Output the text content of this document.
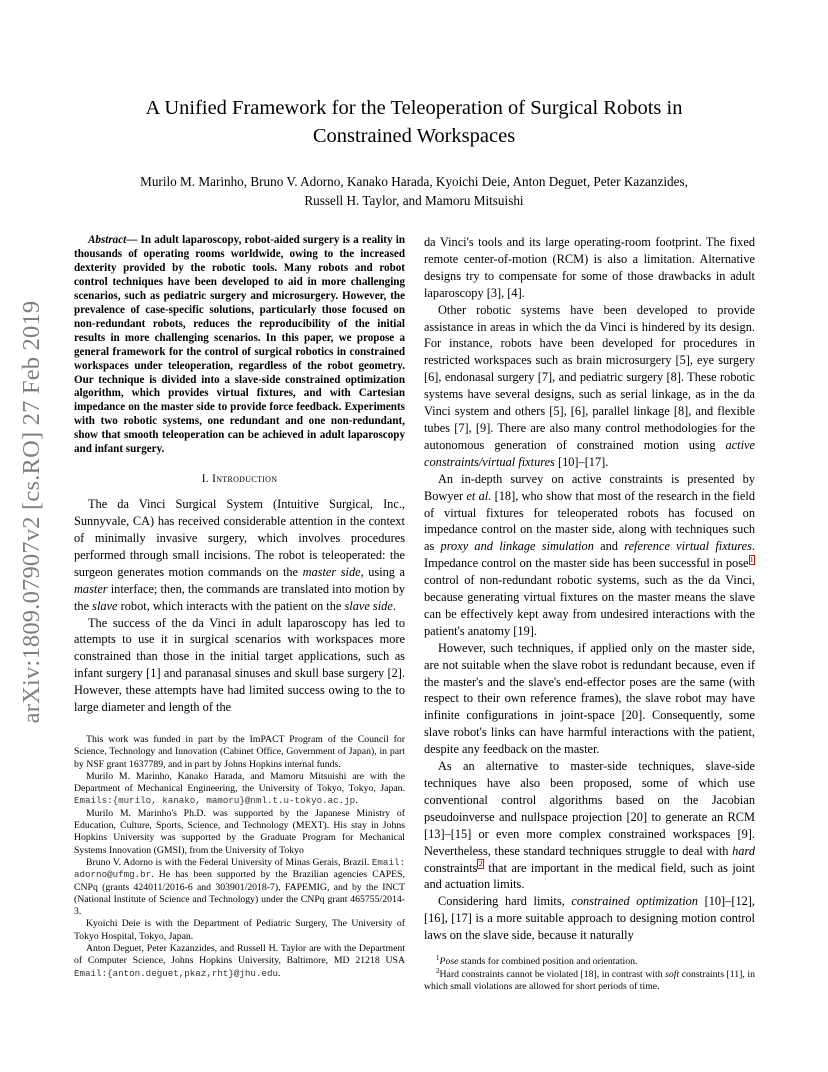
A Unified Framework for the Teleoperation of Surgical Robots in
Constrained Workspaces
Murilo M. Marinho, Bruno V. Adorno, Kanako Harada, Kyoichi Deie, Anton Deguet, Peter Kazanzides,
Russell H. Taylor, and Mamoru Mitsuishi
arXiv:1809.07907v2 [cs.RO] 27 Feb 2019

Abstract— In adult laparoscopy, robot-aided surgery is a reality in thousands of operating rooms worldwide, owing to the increased dexterity provided by the robotic tools. Many robots and robot control techniques have been developed to aid in more challenging scenarios, such as pediatric surgery and microsurgery. However, the prevalence of case-specific solutions, particularly those focused on non-redundant robots, reduces the reproducibility of the initial results in more challenging scenarios. In this paper, we propose a general framework for the control of surgical robotics in constrained workspaces under teleoperation, regardless of the robot geometry. Our technique is divided into a slave-side constrained optimization algorithm, which provides virtual fixtures, and with Cartesian impedance on the master side to provide force feedback. Experiments with two robotic systems, one redundant and one non-redundant, show that smooth teleoperation can be achieved in adult laparoscopy and infant surgery.

I. Introduction

The da Vinci Surgical System (Intuitive Surgical, Inc., Sunnyvale, CA) has received considerable attention in the context of minimally invasive surgery, which involves procedures performed through small incisions. The robot is teleoperated: the surgeon generates motion commands on the master side, using a master interface; then, the commands are translated into motion by the slave robot, which interacts with the patient on the slave side.

The success of the da Vinci in adult laparoscopy has led to attempts to use it in surgical scenarios with workspaces more constrained than those in the initial target applications, such as infant surgery [1] and paranasal sinuses and skull base surgery [2]. However, these attempts have had limited success owing to the to large diameter and length of the

This work was funded in part by the ImPACT Program of the Council for Science, Technology and Innovation (Cabinet Office, Government of Japan), in part by NSF grant 1637789, and in part by Johns Hopkins internal funds.

Murilo M. Marinho, Kanako Harada, and Mamoru Mitsuishi are with the Department of Mechanical Engineering, the University of Tokyo, Tokyo, Japan. Emails:{murilo, kanako, mamoru}@nml.t.u-tokyo.ac.jp.

Murilo M. Marinho's Ph.D. was supported by the Japanese Ministry of Education, Culture, Sports, Science, and Technology (MEXT). His stay in Johns Hopkins University was supported by the Graduate Program for Mechanical Systems Innovation (GMSI), from the University of Tokyo

Bruno V. Adorno is with the Federal University of Minas Gerais, Brazil. Email: adorno@ufmg.br. He has been supported by the Brazilian agencies CAPES, CNPq (grants 424011/2016-6 and 303901/2018-7), FAPEMIG, and by the INCT (National Institute of Science and Technology) under the CNPq grant 465755/2014-3.

Kyoichi Deie is with the Department of Pediatric Surgery, The University of Tokyo Hospital, Tokyo, Japan.

Anton Deguet, Peter Kazanzides, and Russell H. Taylor are with the Department of Computer Science, Johns Hopkins University, Baltimore, MD 21218 USA Email:{anton.deguet,pkaz,rht}@jhu.edu.

da Vinci's tools and its large operating-room footprint. The fixed remote center-of-motion (RCM) is also a limitation. Alternative designs try to compensate for some of those drawbacks in adult laparoscopy [3], [4].

Other robotic systems have been developed to provide assistance in areas in which the da Vinci is hindered by its design. For instance, robots have been developed for procedures in restricted workspaces such as brain microsurgery [5], eye surgery [6], endonasal surgery [7], and pediatric surgery [8]. These robotic systems have several designs, such as serial linkage, as in the da Vinci system and others [5], [6], parallel linkage [8], and flexible tubes [7], [9]. There are also many control methodologies for the autonomous generation of constrained motion using active constraints/virtual fixtures [10]–[17].

An in-depth survey on active constraints is presented by Bowyer et al. [18], who show that most of the research in the field of virtual fixtures for teleoperated robots has focused on impedance control on the master side, along with techniques such as proxy and linkage simulation and reference virtual fixtures. Impedance control on the master side has been successful in pose $^1$ control of non-redundant robotic systems, such as the da Vinci, because generating virtual fixtures on the master means the slave can be effectively kept away from undesired interactions with the patient's anatomy [19].

However, such techniques, if applied only on the master side, are not suitable when the slave robot is redundant because, even if the master's and the slave's end-effector poses are the same (with respect to their own reference frames), the slave robot may have infinite configurations in joint-space [20]. Consequently, some slave robot's links can have harmful interactions with the patient, despite any feedback on the master.

As an alternative to master-side techniques, slave-side techniques have also been proposed, some of which use conventional control algorithms based on the Jacobian pseudoinverse and nullspace projection [20] to generate an RCM [13]–[15] or even more complex constrained workspaces [9]. Nevertheless, these standard techniques struggle to deal with hard constraints $^2$ that are important in the medical field, such as joint and actuation limits.

Considering hard limits, constrained optimization [10]–[12], [16], [17] is a more suitable approach to designing motion control laws on the slave side, because it naturally

$^1$Pose stands for combined position and orientation.

$^2$Hard constraints cannot be violated [18], in contrast with soft constraints [11], in which small violations are allowed for short periods of time.
